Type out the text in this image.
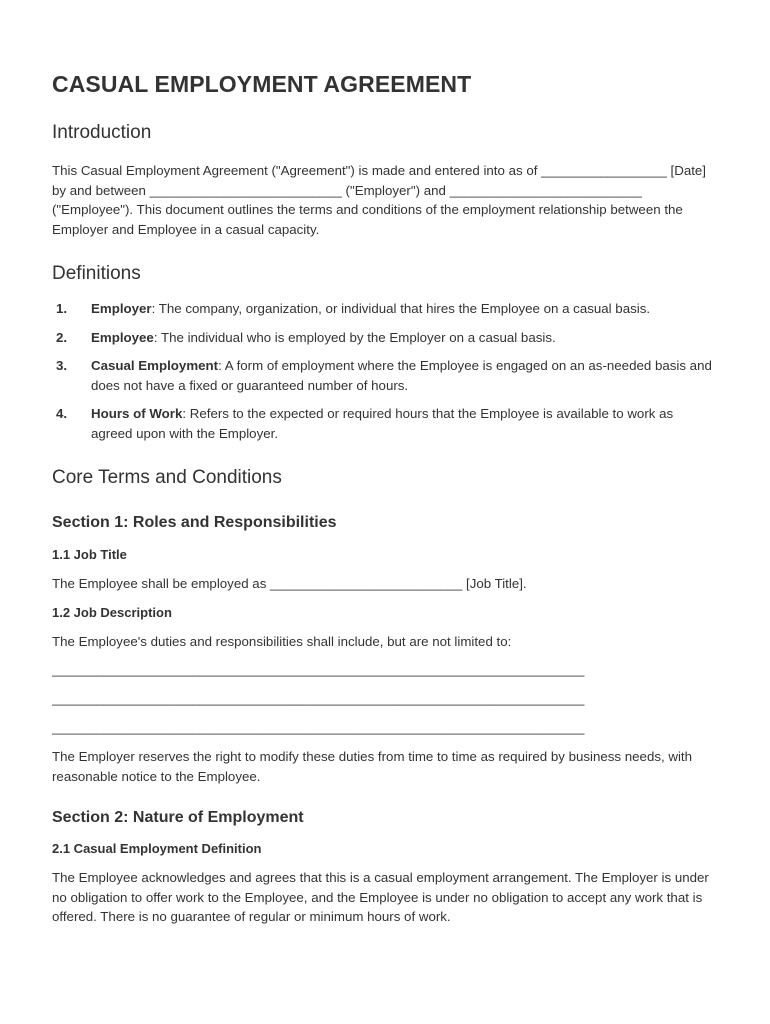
CASUAL EMPLOYMENT AGREEMENT
Introduction

This Casual Employment Agreement ("Agreement") is made and entered into as of _________________ [Date] by and between __________________________ ("Employer") and __________________________ ("Employee"). This document outlines the terms and conditions of the employment relationship between the Employer and Employee in a casual capacity.

Definitions
1. Employer: The company, organization, or individual that hires the Employee on a casual basis.
2. Employee: The individual who is employed by the Employer on a casual basis.
3. Casual Employment: A form of employment where the Employee is engaged on an as-needed basis and does not have a fixed or guaranteed number of hours.
4. Hours of Work: Refers to the expected or required hours that the Employee is available to work as agreed upon with the Employer.
Core Terms and Conditions
Section 1: Roles and Responsibilities
1.1 Job Title

The Employee shall be employed as __________________________ [Job Title].

1.2 Job Description

The Employee's duties and responsibilities shall include, but are not limited to:

________________________________________________________________________
________________________________________________________________________
________________________________________________________________________

The Employer reserves the right to modify these duties from time to time as required by business needs, with reasonable notice to the Employee.

Section 2: Nature of Employment
2.1 Casual Employment Definition

The Employee acknowledges and agrees that this is a casual employment arrangement. The Employer is under no obligation to offer work to the Employee, and the Employee is under no obligation to accept any work that is offered. There is no guarantee of regular or minimum hours of work.
